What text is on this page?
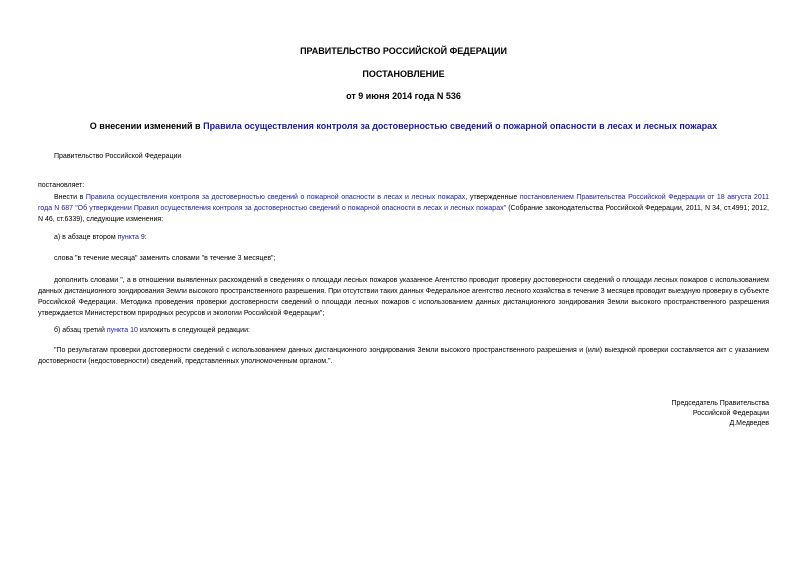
ПРАВИТЕЛЬСТВО РОССИЙСКОЙ ФЕДЕРАЦИИ
ПОСТАНОВЛЕНИЕ
от 9 июня 2014 года N 536
О внесении изменений в Правила осуществления контроля за достоверностью сведений о пожарной опасности в лесах и лесных пожарах
Правительство Российской Федерации
постановляет:
Внести в Правила осуществления контроля за достоверностью сведений о пожарной опасности в лесах и лесных пожарах, утвержденные постановлением Правительства Российской Федерации от 18 августа 2011 года N 687 "Об утверждении Правил осуществления контроля за достоверностью сведений о пожарной опасности в лесах и лесных пожарах" (Собрание законодательства Российской Федерации, 2011, N 34, ст.4991; 2012, N 46, ст.6339), следующие изменения:
а) в абзаце втором пункта 9:
слова "в течение месяца" заменить словами "в течение 3 месяцев";
дополнить словами ", а в отношении выявленных расхождений в сведениях о площади лесных пожаров указанное Агентство проводит проверку достоверности сведений о площади лесных пожаров с использованием данных дистанционного зондирования Земли высокого пространственного разрешения. При отсутствии таких данных Федеральное агентство лесного хозяйства в течение 3 месяцев проводит выездную проверку в субъекте Российской Федерации. Методика проведения проверки достоверности сведений о площади лесных пожаров с использованием данных дистанционного зондирования Земли высокого пространственного разрешения утверждается Министерством природных ресурсов и экологии Российской Федерации";
б) абзац третий пункта 10 изложить в следующей редакции:
"По результатам проверки достоверности сведений с использованием данных дистанционного зондирования Земли высокого пространственного разрешения и (или) выездной проверки составляется акт с указанием достоверности (недостоверности) сведений, представленных уполномоченным органом.".
Председатель Правительства
Российской Федерации
Д.Медведев
